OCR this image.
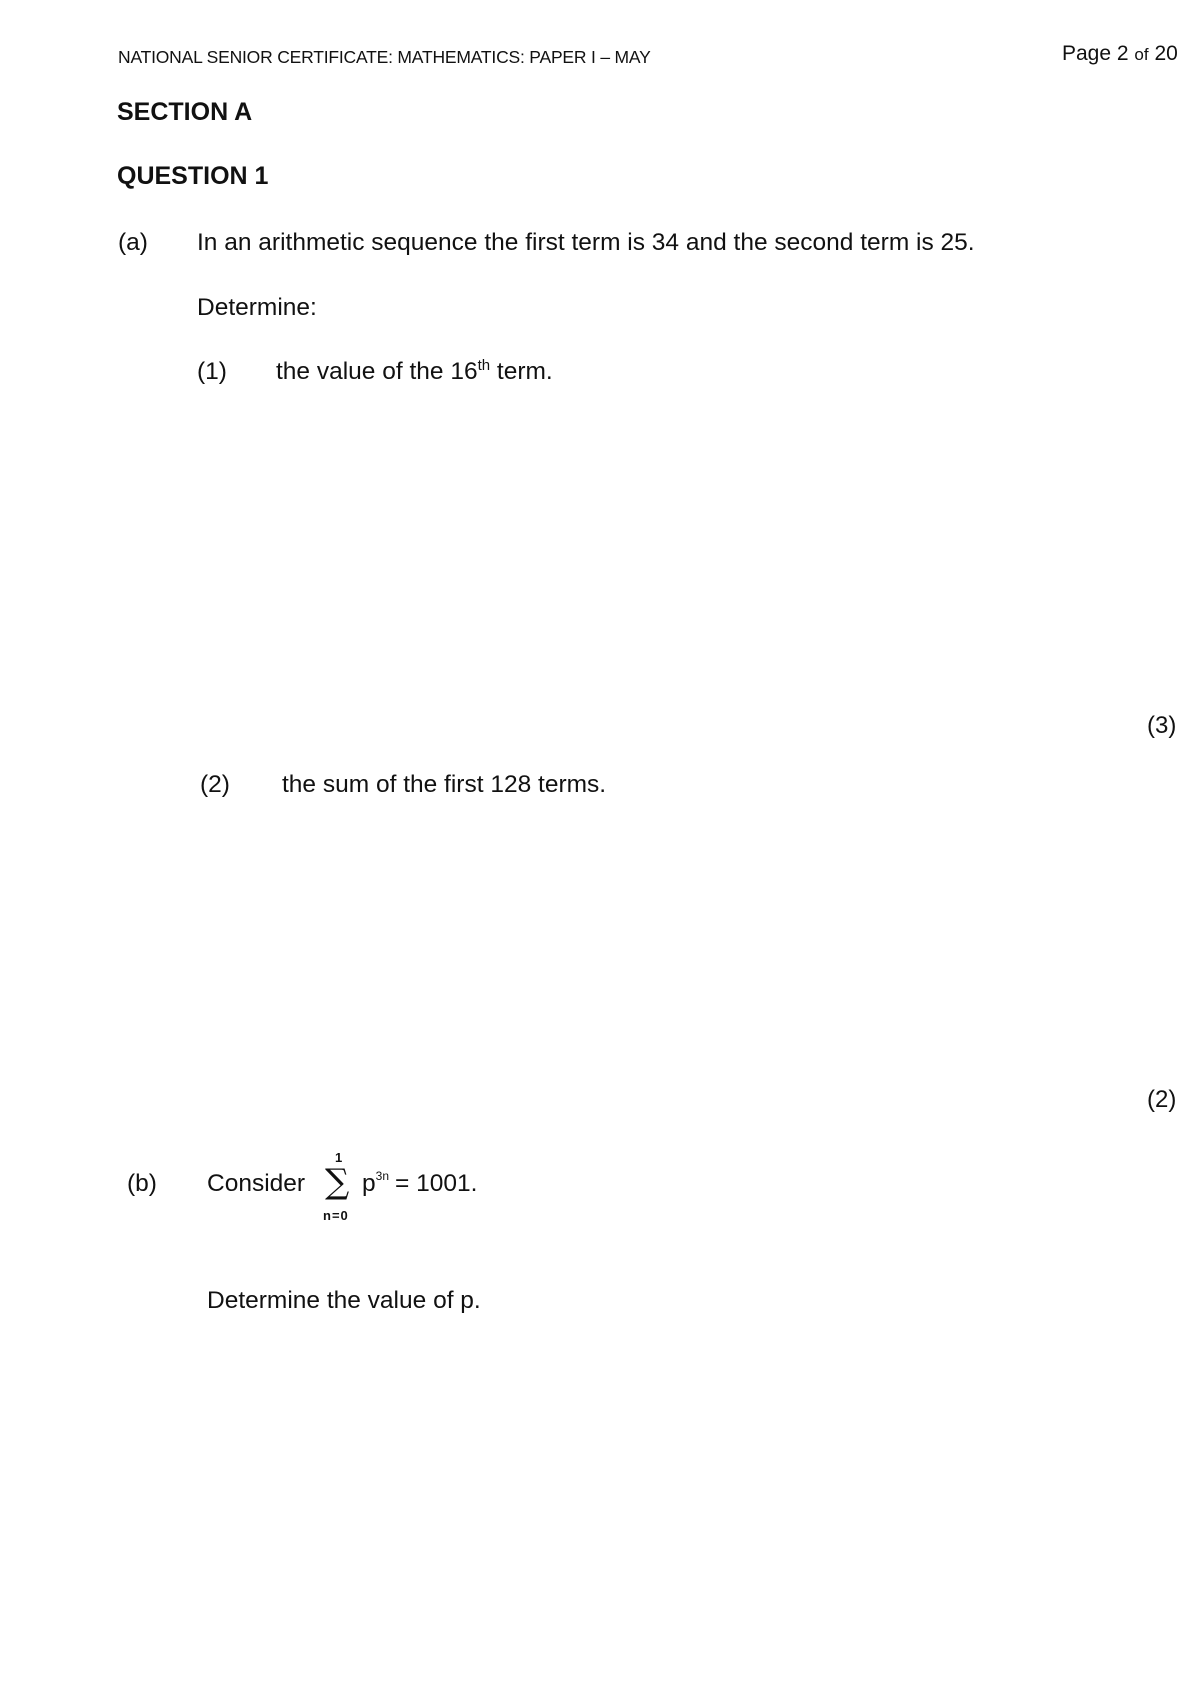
NATIONAL SENIOR CERTIFICATE: MATHEMATICS: PAPER I – MAY	Page 2 of 20
SECTION A
QUESTION 1
(a) In an arithmetic sequence the first term is 34 and the second term is 25.
Determine:
(1) the value of the 16th term.
(3)
(2) the sum of the first 128 terms.
(2)
(b) Consider
1
∑
n=0
$p^{3n} = 1001$.
Determine the value of p.
